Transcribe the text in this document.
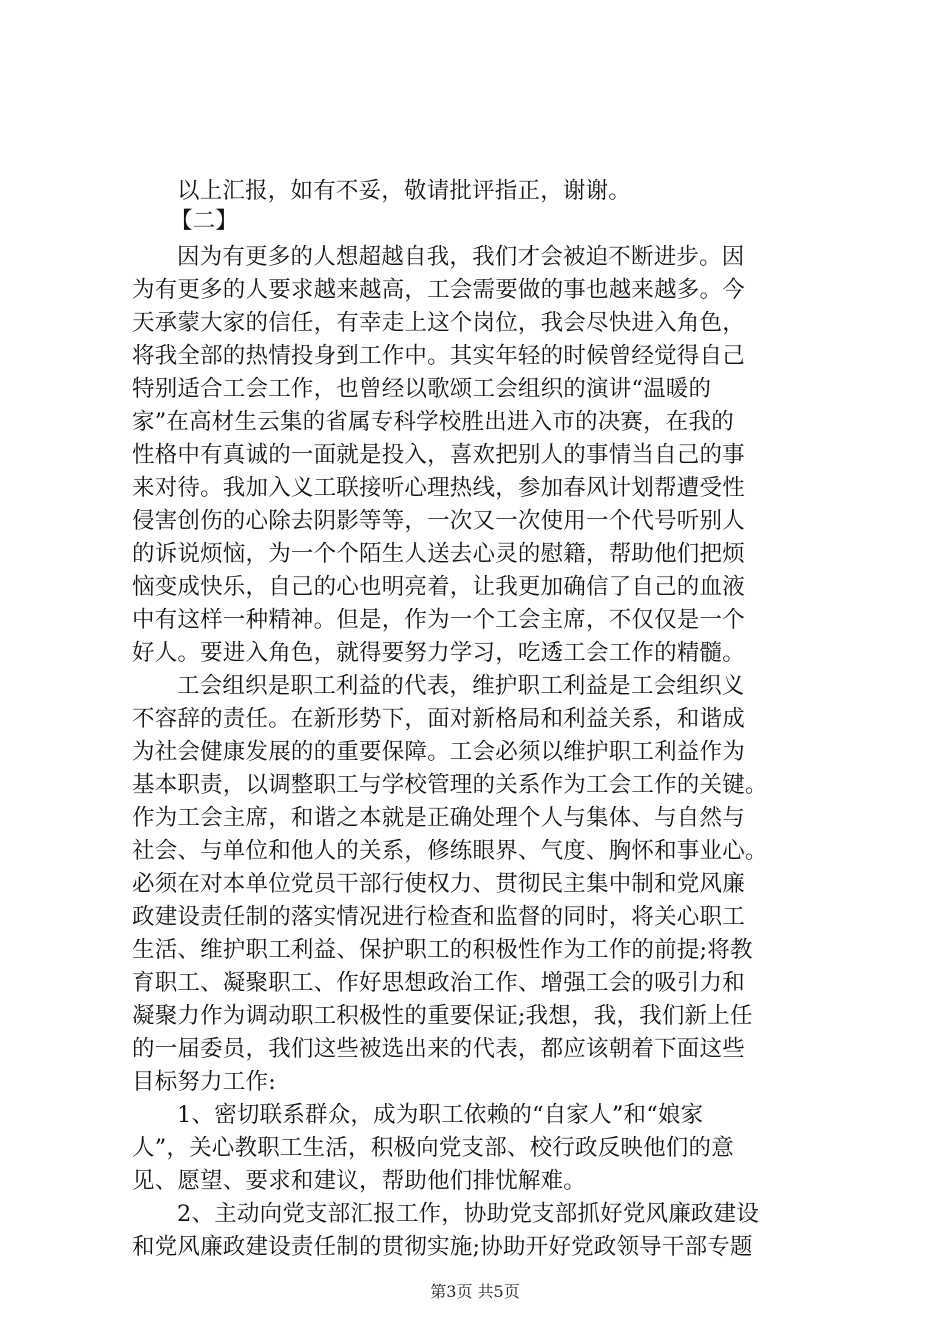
以上汇报，如有不妥，敬请批评指正，谢谢。
【二】
因为有更多的人想超越自我，我们才会被迫不断进步。因
为有更多的人要求越来越高，工会需要做的事也越来越多。今
天承蒙大家的信任，有幸走上这个岗位，我会尽快进入角色，
将我全部的热情投身到工作中。其实年轻的时候曾经觉得自己
特别适合工会工作，也曾经以歌颂工会组织的演讲“温暖的
家”在高材生云集的省属专科学校胜出进入市的决赛，在我的
性格中有真诚的一面就是投入，喜欢把别人的事情当自己的事
来对待。我加入义工联接听心理热线，参加春风计划帮遭受性
侵害创伤的心除去阴影等等，一次又一次使用一个代号听别人
的诉说烦恼，为一个个陌生人送去心灵的慰籍，帮助他们把烦
恼变成快乐，自己的心也明亮着，让我更加确信了自己的血液
中有这样一种精神。但是，作为一个工会主席，不仅仅是一个
好人。要进入角色，就得要努力学习，吃透工会工作的精髓。
工会组织是职工利益的代表，维护职工利益是工会组织义
不容辞的责任。在新形势下，面对新格局和利益关系，和谐成
为社会健康发展的的重要保障。工会必须以维护职工利益作为
基本职责，以调整职工与学校管理的关系作为工会工作的关键。
作为工会主席，和谐之本就是正确处理个人与集体、与自然与
社会、与单位和他人的关系，修练眼界、气度、胸怀和事业心。
必须在对本单位党员干部行使权力、贯彻民主集中制和党风廉
政建设责任制的落实情况进行检查和监督的同时，将关心职工
生活、维护职工利益、保护职工的积极性作为工作的前提;将教
育职工、凝聚职工、作好思想政治工作、增强工会的吸引力和
凝聚力作为调动职工积极性的重要保证;我想，我，我们新上任
的一届委员，我们这些被选出来的代表，都应该朝着下面这些
目标努力工作:
1、密切联系群众，成为职工依赖的“自家人”和“娘家
人”，关心教职工生活，积极向党支部、校行政反映他们的意
见、愿望、要求和建议，帮助他们排忧解难。
2、主动向党支部汇报工作，协助党支部抓好党风廉政建设
和党风廉政建设责任制的贯彻实施;协助开好党政领导干部专题
第3页 共5页
